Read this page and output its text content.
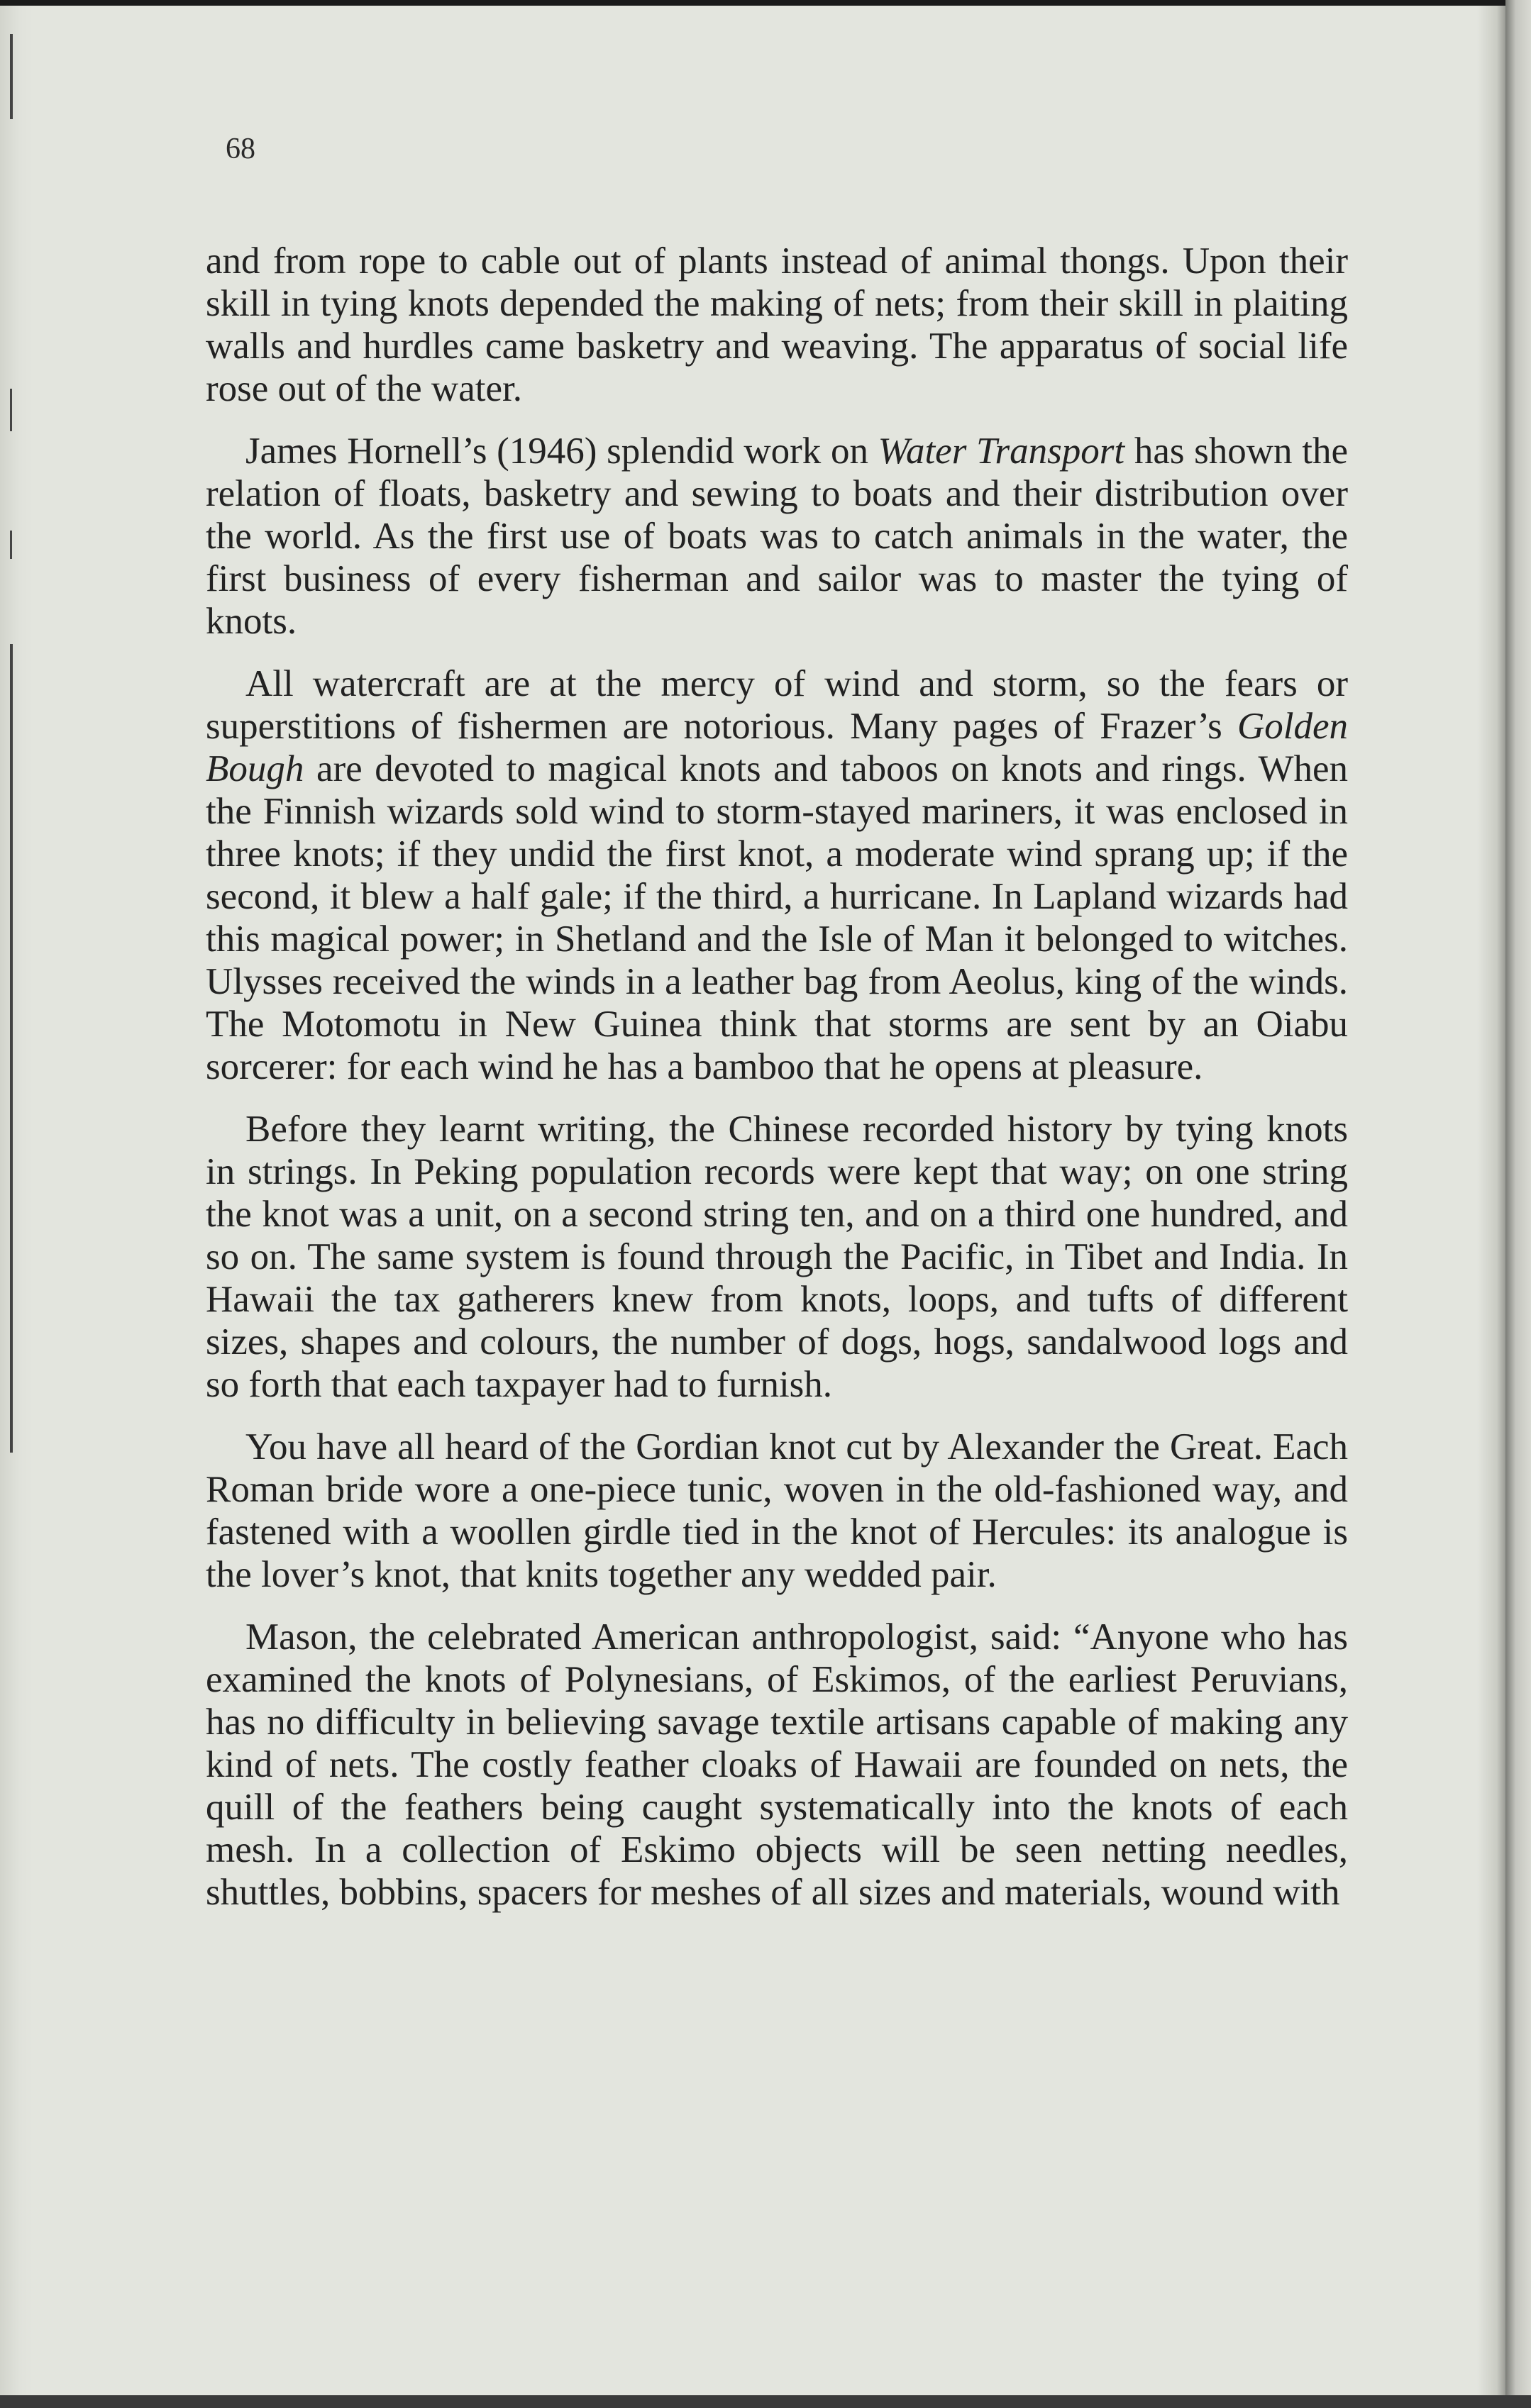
68

and from rope to cable out of plants instead of animal thongs. Upon their skill in tying knots depended the making of nets; from their skill in plaiting walls and hurdles came basketry and weaving. The apparatus of social life rose out of the water.

James Hornell’s (1946) splendid work on Water Transport has shown the relation of floats, basketry and sewing to boats and their distribution over the world. As the first use of boats was to catch animals in the water, the first business of every fisherman and sailor was to master the tying of knots.

All watercraft are at the mercy of wind and storm, so the fears or superstitions of fishermen are notorious. Many pages of Frazer’s Golden Bough are devoted to magical knots and taboos on knots and rings. When the Finnish wizards sold wind to storm-stayed mariners, it was enclosed in three knots; if they undid the first knot, a moderate wind sprang up; if the second, it blew a half gale; if the third, a hurricane. In Lapland wizards had this magical power; in Shetland and the Isle of Man it belonged to witches. Ulysses received the winds in a leather bag from Aeolus, king of the winds. The Motomotu in New Guinea think that storms are sent by an Oiabu sorcerer: for each wind he has a bamboo that he opens at pleasure.

Before they learnt writing, the Chinese recorded history by tying knots in strings. In Peking population records were kept that way; on one string the knot was a unit, on a second string ten, and on a third one hundred, and so on. The same system is found through the Pacific, in Tibet and India. In Hawaii the tax gatherers knew from knots, loops, and tufts of different sizes, shapes and colours, the number of dogs, hogs, sandalwood logs and so forth that each taxpayer had to furnish.

You have all heard of the Gordian knot cut by Alexander the Great. Each Roman bride wore a one-piece tunic, woven in the old-fashioned way, and fastened with a woollen girdle tied in the knot of Hercules: its analogue is the lover’s knot, that knits together any wedded pair.

Mason, the celebrated American anthropologist, said: “Anyone who has examined the knots of Polynesians, of Eskimos, of the earliest Peruvians, has no difficulty in believing savage textile artisans capable of making any kind of nets. The costly feather cloaks of Hawaii are founded on nets, the quill of the feathers being caught systematically into the knots of each mesh. In a collection of Eskimo objects will be seen netting needles, shuttles, bobbins, spacers for meshes of all sizes and materials, wound with
